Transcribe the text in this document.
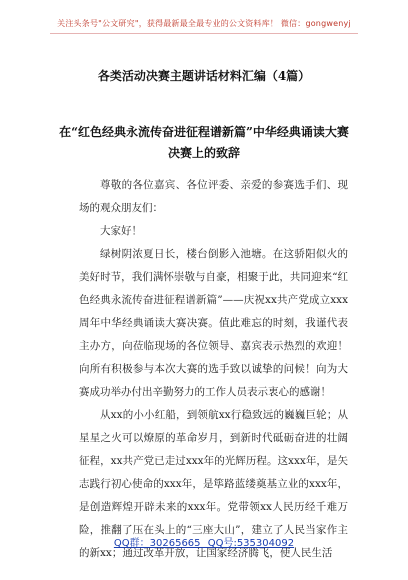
关注头条号"公文研究"，获得最新最全最专业的公文资料库！ 微信：gongwenyj
各类活动决赛主题讲话材料汇编（4篇）
在“红色经典永流传奋进征程谱新篇”中华经典诵读大赛
决赛上的致辞

尊敬的各位嘉宾、各位评委、亲爱的参赛选手们、现场的观众朋友们：

大家好！

绿树阴浓夏日长，楼台倒影入池塘。在这骄阳似火的美好时节，我们满怀崇敬与自豪，相聚于此，共同迎来“红色经典永流传奋进征程谱新篇”——庆祝xx共产党成立xxx周年中华经典诵读大赛决赛。值此难忘的时刻，我谨代表主办方，向莅临现场的各位领导、嘉宾表示热烈的欢迎！向所有积极参与本次大赛的选手致以诚挚的问候！向为大赛成功举办付出辛勤努力的工作人员表示衷心的感谢！

从xx的小小红船，到领航xx行稳致远的巍巍巨轮；从星星之火可以燎原的革命岁月，到新时代砥砺奋进的壮阔征程，xx共产党已走过xxx年的光辉历程。这xxx年，是矢志践行初心使命的xxx年，是筚路蓝缕奠基立业的xxx年，是创造辉煌开辟未来的xxx年。党带领xx人民历经千难万险，推翻了压在头上的“三座大山”，建立了人民当家作主的新xx；通过改革开放，让国家经济腾飞，使人民生活

QQ群：30265665 QQ号:535304092
